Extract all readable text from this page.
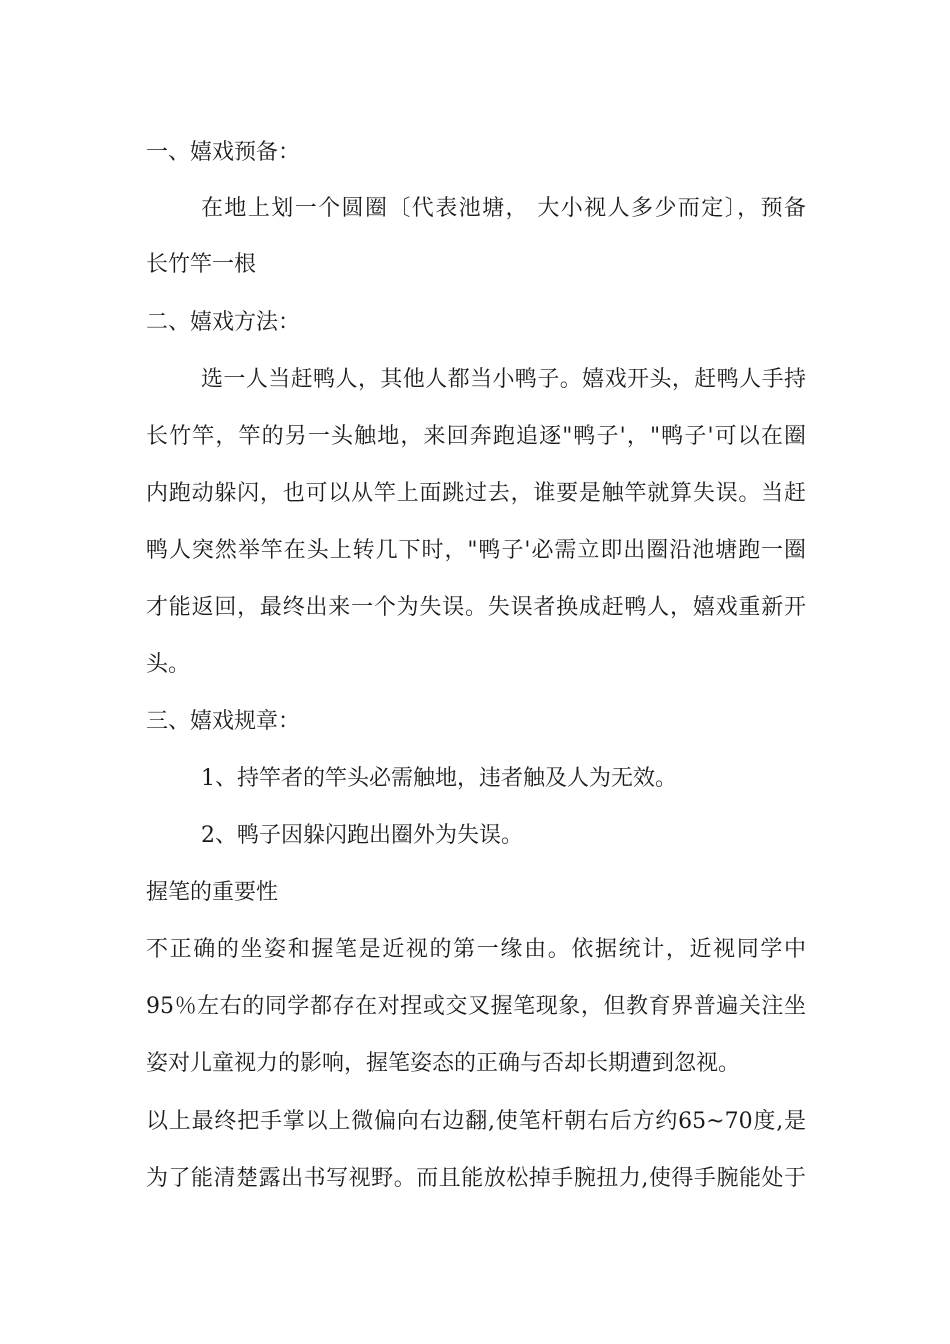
一、嬉戏预备：
在地上划一个圆圈〔代表池塘， 大小视人多少而定〕，预备
长竹竿一根
二、嬉戏方法：
选一人当赶鸭人，其他人都当小鸭子。嬉戏开头，赶鸭人手持
长竹竿，竿的另一头触地，来回奔跑追逐"鸭子'，"鸭子'可以在圈
内跑动躲闪，也可以从竿上面跳过去，谁要是触竿就算失误。当赶
鸭人突然举竿在头上转几下时，"鸭子'必需立即出圈沿池塘跑一圈
才能返回，最终出来一个为失误。失误者换成赶鸭人，嬉戏重新开
头。
三、嬉戏规章：
1、持竿者的竿头必需触地，违者触及人为无效。
2、鸭子因躲闪跑出圈外为失误。
握笔的重要性
不正确的坐姿和握笔是近视的第一缘由。依据统计，近视同学中
95％左右的同学都存在对捏或交叉握笔现象，但教育界普遍关注坐
姿对儿童视力的影响，握笔姿态的正确与否却长期遭到忽视。
以上最终把手掌以上微偏向右边翻,使笔杆朝右后方约65~70度,是
为了能清楚露出书写视野。而且能放松掉手腕扭力,使得手腕能处于
